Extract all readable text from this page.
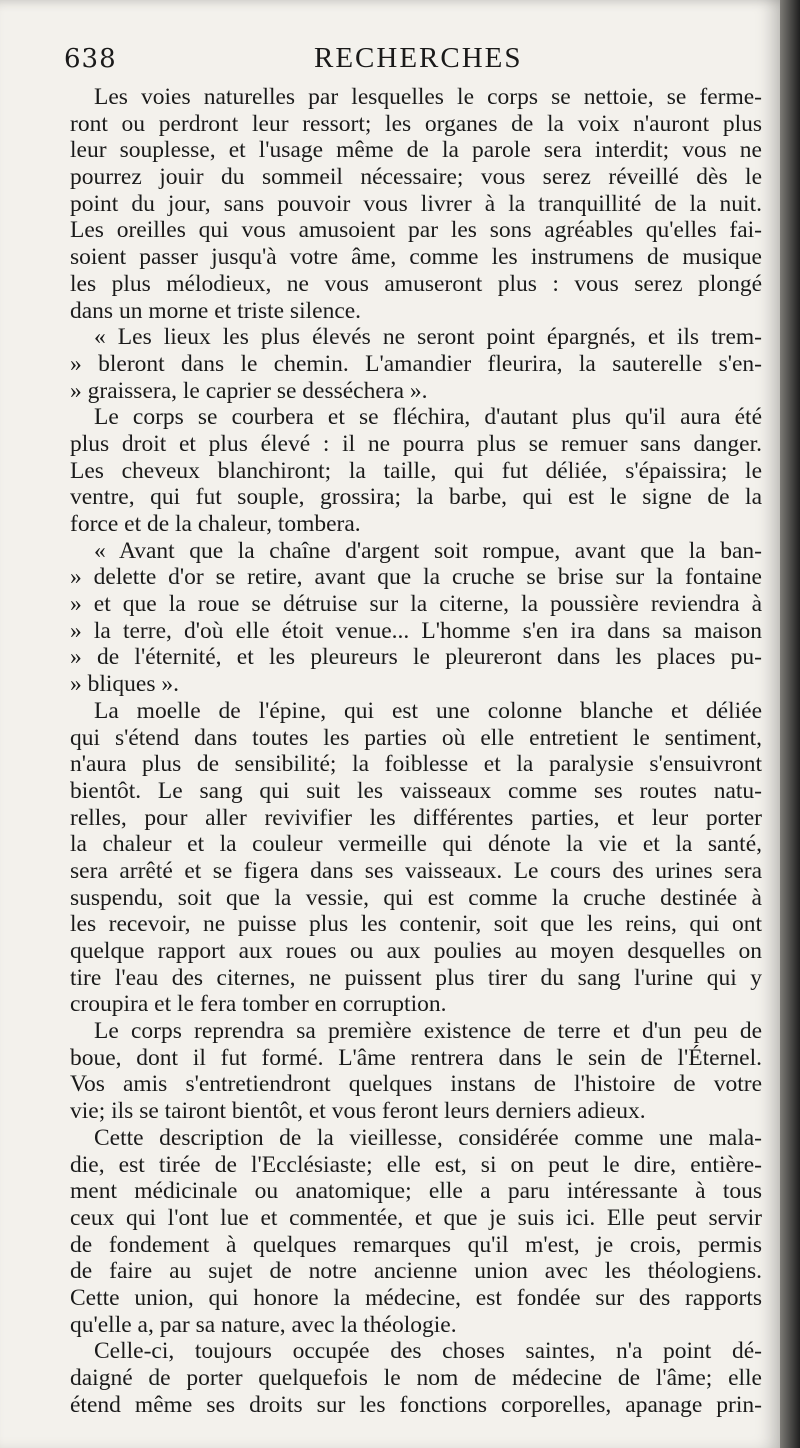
638	RECHERCHES
Les voies naturelles par lesquelles le corps se nettoie, se ferme-
ront ou perdront leur ressort; les organes de la voix n'auront plus
leur souplesse, et l'usage même de la parole sera interdit; vous ne
pourrez jouir du sommeil nécessaire; vous serez réveillé dès le
point du jour, sans pouvoir vous livrer à la tranquillité de la nuit.
Les oreilles qui vous amusoient par les sons agréables qu'elles fai-
soient passer jusqu'à votre âme, comme les instrumens de musique
les plus mélodieux, ne vous amuseront plus : vous serez plongé
dans un morne et triste silence.
« Les lieux les plus élevés ne seront point épargnés, et ils trem-
» bleront dans le chemin. L'amandier fleurira, la sauterelle s'en-
» graissera, le caprier se desséchera ».
Le corps se courbera et se fléchira, d'autant plus qu'il aura été
plus droit et plus élevé : il ne pourra plus se remuer sans danger.
Les cheveux blanchiront; la taille, qui fut déliée, s'épaissira; le
ventre, qui fut souple, grossira; la barbe, qui est le signe de la
force et de la chaleur, tombera.
« Avant que la chaîne d'argent soit rompue, avant que la ban-
» delette d'or se retire, avant que la cruche se brise sur la fontaine
» et que la roue se détruise sur la citerne, la poussière reviendra à
» la terre, d'où elle étoit venue... L'homme s'en ira dans sa maison
» de l'éternité, et les pleureurs le pleureront dans les places pu-
» bliques ».
La moelle de l'épine, qui est une colonne blanche et déliée
qui s'étend dans toutes les parties où elle entretient le sentiment,
n'aura plus de sensibilité; la foiblesse et la paralysie s'ensuivront
bientôt. Le sang qui suit les vaisseaux comme ses routes natu-
relles, pour aller revivifier les différentes parties, et leur porter
la chaleur et la couleur vermeille qui dénote la vie et la santé,
sera arrêté et se figera dans ses vaisseaux. Le cours des urines sera
suspendu, soit que la vessie, qui est comme la cruche destinée à
les recevoir, ne puisse plus les contenir, soit que les reins, qui ont
quelque rapport aux roues ou aux poulies au moyen desquelles on
tire l'eau des citernes, ne puissent plus tirer du sang l'urine qui y
croupira et le fera tomber en corruption.
Le corps reprendra sa première existence de terre et d'un peu de
boue, dont il fut formé. L'âme rentrera dans le sein de l'Éternel.
Vos amis s'entretiendront quelques instans de l'histoire de votre
vie; ils se tairont bientôt, et vous feront leurs derniers adieux.
Cette description de la vieillesse, considérée comme une mala-
die, est tirée de l'Ecclésiaste; elle est, si on peut le dire, entière-
ment médicinale ou anatomique; elle a paru intéressante à tous
ceux qui l'ont lue et commentée, et que je suis ici. Elle peut servir
de fondement à quelques remarques qu'il m'est, je crois, permis
de faire au sujet de notre ancienne union avec les théologiens.
Cette union, qui honore la médecine, est fondée sur des rapports
qu'elle a, par sa nature, avec la théologie.
Celle-ci, toujours occupée des choses saintes, n'a point dé-
daigné de porter quelquefois le nom de médecine de l'âme; elle
étend même ses droits sur les fonctions corporelles, apanage prin-
